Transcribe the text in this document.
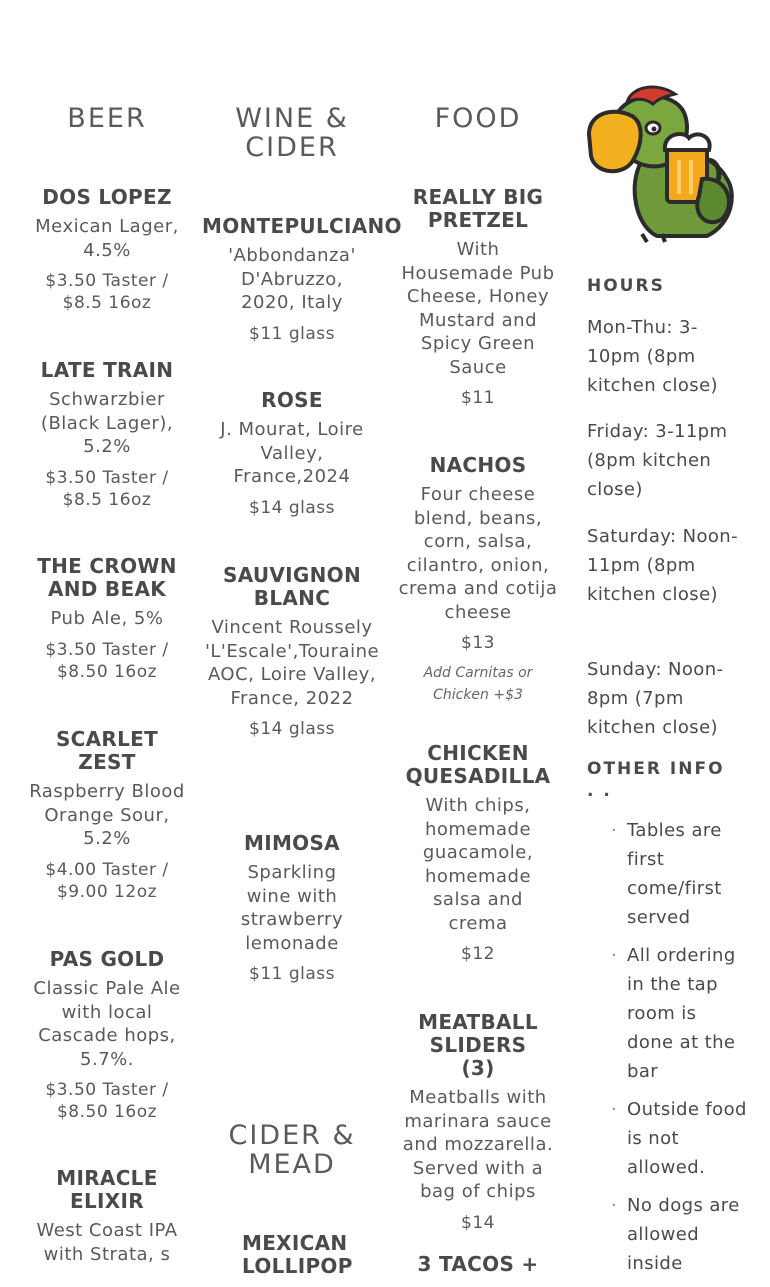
BEER
DOS LOPEZ
Mexican Lager, 4.5%
$3.50 Taster / $8.5 16oz
LATE TRAIN
Schwarzbier (Black Lager), 5.2%
$3.50 Taster / $8.5 16oz
THE CROWN AND BEAK
Pub Ale, 5%
$3.50 Taster / $8.50 16oz
SCARLET ZEST
Raspberry Blood Orange Sour, 5.2%
$4.00 Taster / $9.00 12oz
PAS GOLD
Classic Pale Ale with local Cascade hops, 5.7%.
$3.50 Taster / $8.50 16oz
MIRACLE ELIXIR
West Coast IPA with Strata, s
WINE & CIDER
MONTEPULCIANO
'Abbondanza' D'Abruzzo, 2020, Italy
$11 glass
ROSE
J. Mourat, Loire Valley, France,2024
$14 glass
SAUVIGNON BLANC
Vincent Roussely 'L'Escale',Touraine AOC, Loire Valley, France, 2022
$14 glass
MIMOSA
Sparkling wine with strawberry lemonade
$11 glass
CIDER & MEAD
MEXICAN LOLLIPOP
FOOD
REALLY BIG PRETZEL
With Housemade Pub Cheese, Honey Mustard and Spicy Green Sauce
$11
NACHOS
Four cheese blend, beans, corn, salsa, cilantro, onion, crema and cotija cheese
$13
Add Carnitas or Chicken +$3
CHICKEN QUESADILLA
With chips, homemade guacamole, homemade salsa and crema
$12
MEATBALL SLIDERS (3)
Meatballs with marinara sauce and mozzarella. Served with a bag of chips
$14
3 TACOS +
HOURS
Mon-Thu: 3-10pm (8pm kitchen close)
Friday: 3-11pm (8pm kitchen close)
Saturday: Noon-11pm (8pm kitchen close)
Sunday: Noon-8pm (7pm kitchen close)
OTHER INFO . .
· Tables are first come/first served
· All ordering in the tap room is done at the bar
· Outside food is not allowed.
· No dogs are allowed inside
